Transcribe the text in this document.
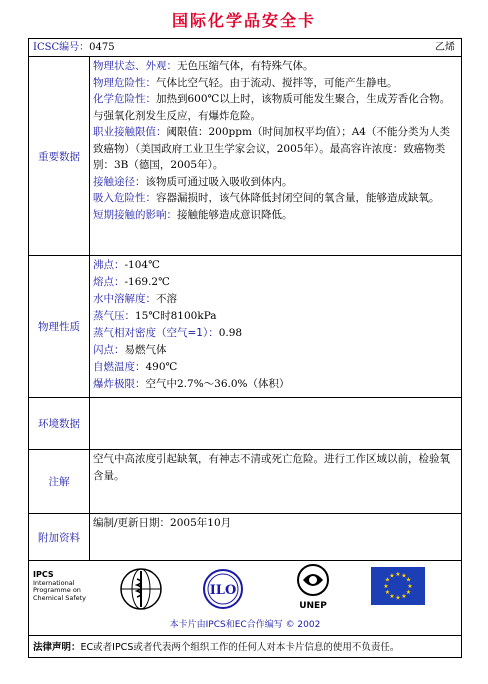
国际化学品安全卡
ICSC编号：0475	乙烯
重要数据
物理状态、外观：无色压缩气体，有特殊气体。
物理危险性：气体比空气轻。由于流动、搅拌等，可能产生静电。
化学危险性：加热到600℃以上时，该物质可能发生聚合，生成芳香化合物。与强氧化剂发生反应，有爆炸危险。
职业接触限值：阈限值：200ppm（时间加权平均值）；A4（不能分类为人类致癌物）（美国政府工业卫生学家会议，2005年）。最高容许浓度：致癌物类别：3B（德国，2005年）。
接触途径：该物质可通过吸入吸收到体内。
吸入危险性：容器漏损时，该气体降低封闭空间的氧含量，能够造成缺氧。
短期接触的影响：接触能够造成意识降低。
物理性质
沸点：-104℃
熔点：-169.2℃
水中溶解度：不溶
蒸气压：15℃时8100kPa
蒸气相对密度（空气=1）：0.98
闪点：易燃气体
自燃温度：490℃
爆炸极限：空气中2.7%～36.0%（体积）
环境数据
注解
空气中高浓度引起缺氧，有神志不清或死亡危险。进行工作区域以前，检验氧含量。
附加资料
编制/更新日期：2005年10月
IPCS
International
Programme on
Chemical Safety	ILO
UNEP
★ ★
★
★
★
★
★
★
★
★
★
★
本卡片由IPCS和EC合作编写 © 2002
法律声明：EC或者IPCS或者代表两个组织工作的任何人对本卡片信息的使用不负责任。
